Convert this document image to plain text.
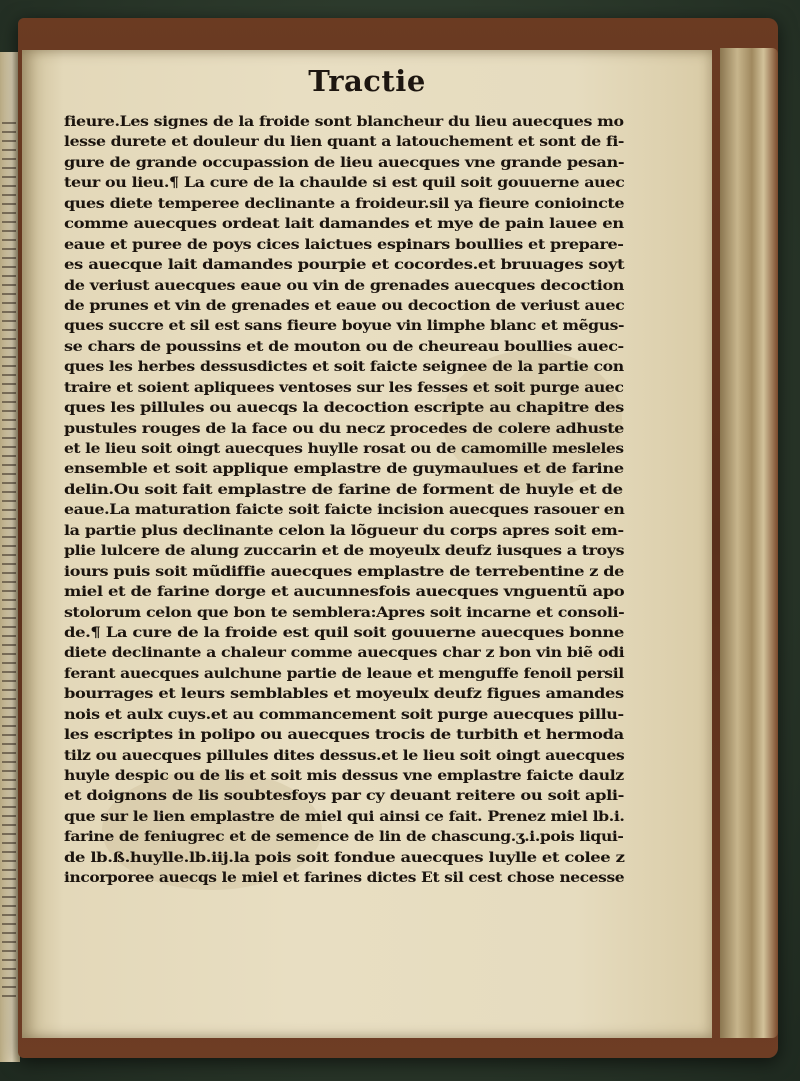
Tractie
fieure.Les signes de la froide sont blancheur du lieu auecques mo
lesse durete et douleur du lien quant a latouchement et sont de fi-
gure de grande occupassion de lieu auecques vne grande pesan-
teur ou lieu.¶ La cure de la chaulde si est quil soit gouuerne auec
ques diete temperee declinante a froideur.sil ya fieure conioincte
comme auecques ordeat lait damandes et mye de pain lauee en
eaue et puree de poys cices laictues espinars boullies et prepare-
es auecque lait damandes pourpie et cocordes.et bruuages soyt
de veriust auecques eaue ou vin de grenades auecques decoction
de prunes et vin de grenades et eaue ou decoction de veriust auec
ques succre et sil est sans fieure boyue vin limphe blanc et mẽgus-
se chars de poussins et de mouton ou de cheureau boullies auec-
ques les herbes dessusdictes et soit faicte seignee de la partie con
traire et soient apliquees ventoses sur les fesses et soit purge auec
ques les pillules ou auecqs la decoction escripte au chapitre des
pustules rouges de la face ou du necz procedes de colere adhuste
et le lieu soit oingt auecques huylle rosat ou de camomille mesleles
ensemble et soit applique emplastre de guymaulues et de farine
delin.Ou soit fait emplastre de farine de forment de huyle et de
eaue.La maturation faicte soit faicte incision auecques rasouer en
la partie plus declinante celon la lõgueur du corps apres soit em-
plie lulcere de alung zuccarin et de moyeulx deufz iusques a troys
iours puis soit mũdiffie auecques emplastre de terrebentine z de
miel et de farine dorge et aucunnesfois auecques vnguentũ apo
stolorum celon que bon te semblera:Apres soit incarne et consoli-
de.¶ La cure de la froide est quil soit gouuerne auecques bonne
diete declinante a chaleur comme auecques char z bon vin biẽ odi
ferant auecques aulchune partie de leaue et menguffe fenoil persil
bourrages et leurs semblables et moyeulx deufz figues amandes
nois et aulx cuys.et au commancement soit purge auecques pillu-
les escriptes in polipo ou auecques trocis de turbith et hermoda
tilz ou auecques pillules dites dessus.et le lieu soit oingt auecques
huyle despic ou de lis et soit mis dessus vne emplastre faicte daulz
et doignons de lis soubtesfoys par cy deuant reitere ou soit apli-
que sur le lien emplastre de miel qui ainsi ce fait. Prenez miel lb.i.
farine de feniugrec et de semence de lin de chascung.ʒ.i.pois liqui-
de lb.ß.huylle.lb.iij.la pois soit fondue auecques luylle et colee z
incorporee auecqs le miel et farines dictes Et sil cest chose necesse
